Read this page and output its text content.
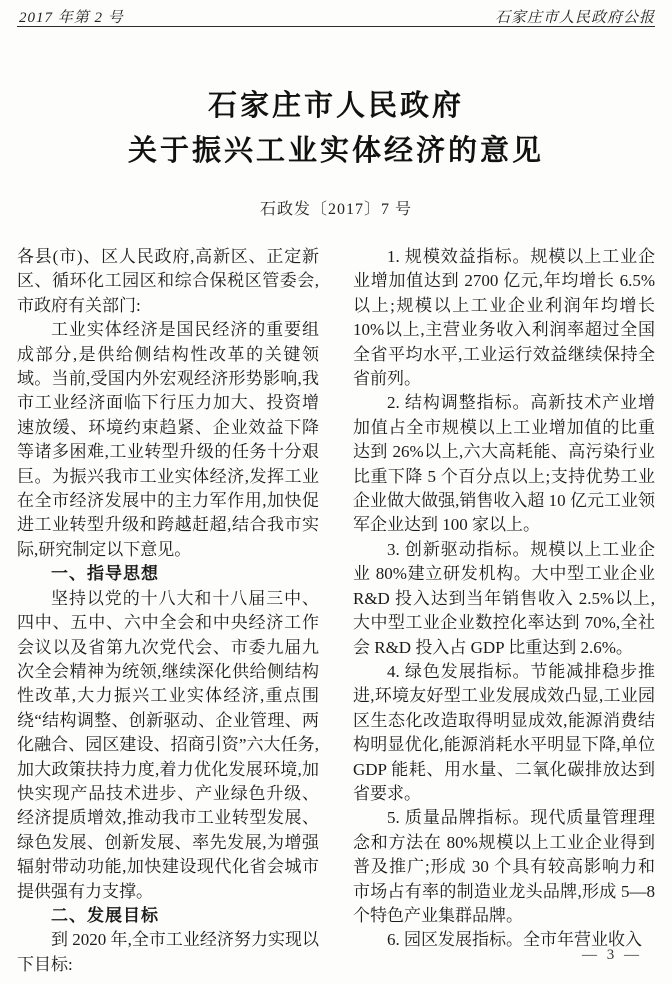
2017 年第 2 号	石家庄市人民政府公报
石家庄市人民政府
关于振兴工业实体经济的意见
石政发〔2017〕7 号

各县(市)、区人民政府,高新区、正定新区、循环化工园区和综合保税区管委会,市政府有关部门:

工业实体经济是国民经济的重要组成部分,是供给侧结构性改革的关键领域。当前,受国内外宏观经济形势影响,我市工业经济面临下行压力加大、投资增速放缓、环境约束趋紧、企业效益下降等诸多困难,工业转型升级的任务十分艰巨。为振兴我市工业实体经济,发挥工业在全市经济发展中的主力军作用,加快促进工业转型升级和跨越赶超,结合我市实际,研究制定以下意见。

一、指导思想

坚持以党的十八大和十八届三中、四中、五中、六中全会和中央经济工作会议以及省第九次党代会、市委九届九次全会精神为统领,继续深化供给侧结构性改革,大力振兴工业实体经济,重点围绕“结构调整、创新驱动、企业管理、两化融合、园区建设、招商引资”六大任务,加大政策扶持力度,着力优化发展环境,加快实现产品技术进步、产业绿色升级、经济提质增效,推动我市工业转型发展、绿色发展、创新发展、率先发展,为增强辐射带动功能,加快建设现代化省会城市提供强有力支撑。

二、发展目标

到 2020 年,全市工业经济努力实现以下目标:

1. 规模效益指标。规模以上工业企业增加值达到 2700 亿元,年均增长 6.5%以上;规模以上工业企业利润年均增长 10%以上,主营业务收入利润率超过全国全省平均水平,工业运行效益继续保持全省前列。

2. 结构调整指标。高新技术产业增加值占全市规模以上工业增加值的比重达到 26%以上,六大高耗能、高污染行业比重下降 5 个百分点以上;支持优势工业企业做大做强,销售收入超 10 亿元工业领军企业达到 100 家以上。

3. 创新驱动指标。规模以上工业企业 80%建立研发机构。大中型工业企业 R&D 投入达到当年销售收入 2.5%以上,大中型工业企业数控化率达到 70%,全社会 R&D 投入占 GDP 比重达到 2.6%。

4. 绿色发展指标。节能减排稳步推进,环境友好型工业发展成效凸显,工业园区生态化改造取得明显成效,能源消费结构明显优化,能源消耗水平明显下降,单位 GDP 能耗、用水量、二氧化碳排放达到省要求。

5. 质量品牌指标。现代质量管理理念和方法在 80%规模以上工业企业得到普及推广;形成 30 个具有较高影响力和市场占有率的制造业龙头品牌,形成 5—8 个特色产业集群品牌。

6. 园区发展指标。全市年营业收入

— 3 —
